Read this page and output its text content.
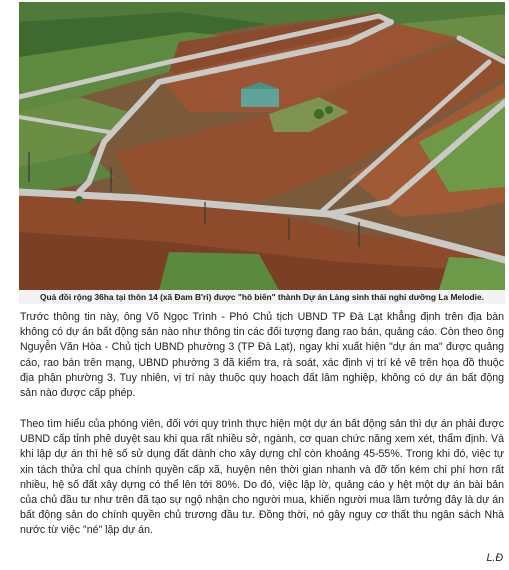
Quả đồi rộng 36ha tại thôn 14 (xã Đam B'ri) được "hô biến" thành Dự án Làng sinh thái nghỉ dưỡng La Melodie.

Trước thông tin này, ông Võ Ngọc Trình - Phó Chủ tịch UBND TP Đà Lạt khẳng định trên địa bàn không có dự án bất động sản nào như thông tin các đối tượng đang rao bán, quảng cáo. Còn theo ông Nguyễn Văn Hòa - Chủ tịch UBND phường 3 (TP Đà Lạt), ngay khi xuất hiện "dự án ma" được quảng cáo, rao bán trên mạng, UBND phường 3 đã kiểm tra, rà soát, xác định vị trí kẻ vẽ trên họa đồ thuộc địa phận phường 3. Tuy nhiên, vị trí này thuộc quy hoạch đất lâm nghiệp, không có dự án bất động sản nào được cấp phép.

Theo tìm hiểu của phóng viên, đối với quy trình thực hiện một dự án bất động sản thì dự án phải được UBND cấp tỉnh phê duyệt sau khi qua rất nhiều sở, ngành, cơ quan chức năng xem xét, thẩm định. Và khi lập dự án thì hệ số sử dụng đất dành cho xây dựng chỉ còn khoảng 45-55%. Trong khi đó, việc tự xin tách thửa chỉ qua chính quyền cấp xã, huyện nên thời gian nhanh và đỡ tốn kém chi phí hơn rất nhiều, hệ số đất xây dựng có thể lên tới 80%. Do đó, việc lập lờ, quảng cáo y hệt một dự án bài bản của chủ đầu tư như trên đã tạo sự ngộ nhận cho người mua, khiến người mua lầm tưởng đây là dự án bất động sản do chính quyền chủ trương đầu tư. Đồng thời, nó gây nguy cơ thất thu ngân sách Nhà nước từ việc "né" lập dự án.

L.Đ
